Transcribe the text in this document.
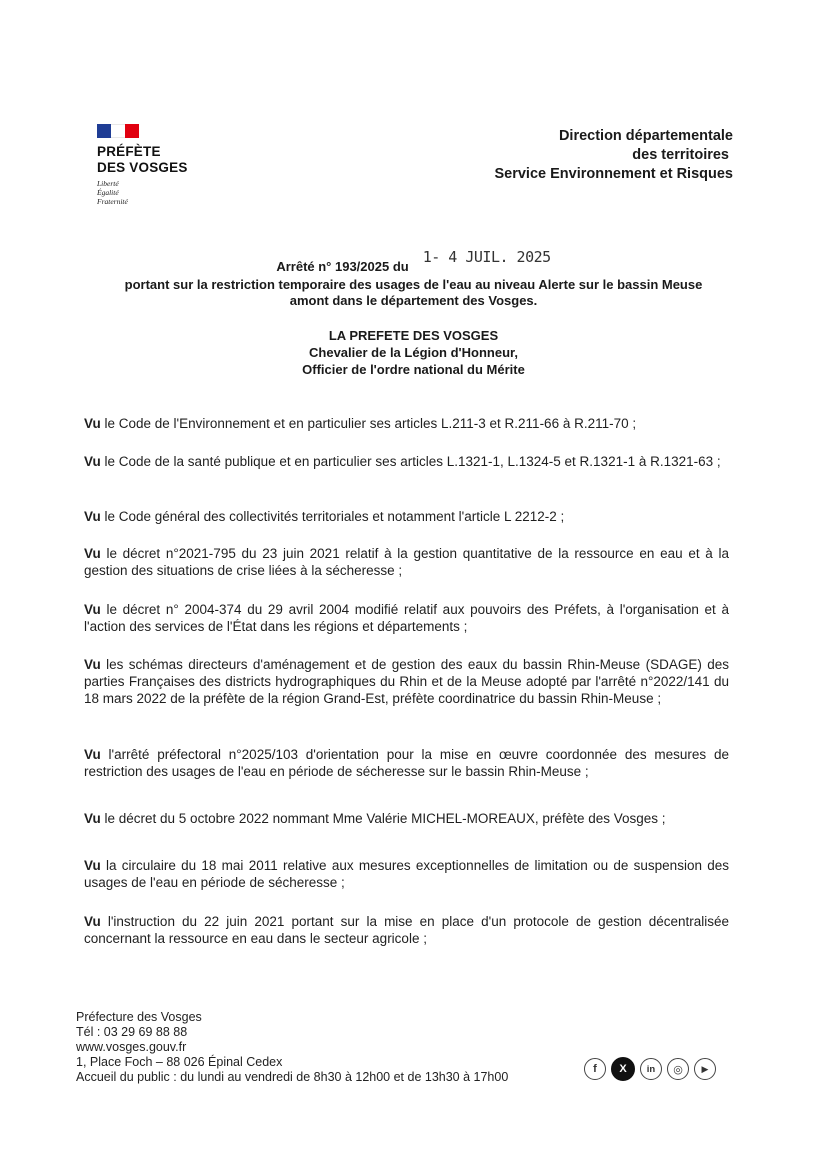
PRÉFÈTE
DES VOSGES
Liberté
Égalité
Fraternité
Direction départementale
des territoires
Service Environnement et Risques
Arrêté n° 193/2025 du1- 4 JUIL. 2025
portant sur la restriction temporaire des usages de l'eau au niveau Alerte sur le bassin Meuse
amont dans le département des Vosges.
LA PREFETE DES VOSGES
Chevalier de la Légion d'Honneur,
Officier de l'ordre national du Mérite
Vu le Code de l'Environnement et en particulier ses articles L.211-3 et R.211-66 à R.211-70 ;
Vu le Code de la santé publique et en particulier ses articles L.1321-1, L.1324-5 et R.1321-1 à R.1321-63 ;
Vu le Code général des collectivités territoriales et notamment l'article L 2212-2 ;
Vu le décret n°2021-795 du 23 juin 2021 relatif à la gestion quantitative de la ressource en eau et à la gestion des situations de crise liées à la sécheresse ;
Vu le décret n° 2004-374 du 29 avril 2004 modifié relatif aux pouvoirs des Préfets, à l'organisation et à l'action des services de l'État dans les régions et départements ;
Vu les schémas directeurs d'aménagement et de gestion des eaux du bassin Rhin-Meuse (SDAGE) des parties Françaises des districts hydrographiques du Rhin et de la Meuse adopté par l'arrêté n°2022/141 du 18 mars 2022 de la préfète de la région Grand-Est, préfète coordinatrice du bassin Rhin-Meuse ;
Vu l'arrêté préfectoral n°2025/103 d'orientation pour la mise en œuvre coordonnée des mesures de restriction des usages de l'eau en période de sécheresse sur le bassin Rhin-Meuse ;
Vu le décret du 5 octobre 2022 nommant Mme Valérie MICHEL-MOREAUX, préfète des Vosges ;
Vu la circulaire du 18 mai 2011 relative aux mesures exceptionnelles de limitation ou de suspension des usages de l'eau en période de sécheresse ;
Vu l'instruction du 22 juin 2021 portant sur la mise en place d'un protocole de gestion décentralisée concernant la ressource en eau dans le secteur agricole ;
Préfecture des Vosges
Tél : 03 29 69 88 88
www.vosges.gouv.fr
1, Place Foch – 88 026 Épinal Cedex
Accueil du public : du lundi au vendredi de 8h30 à 12h00 et de 13h30 à 17h00
f	X	in	◎	▶
